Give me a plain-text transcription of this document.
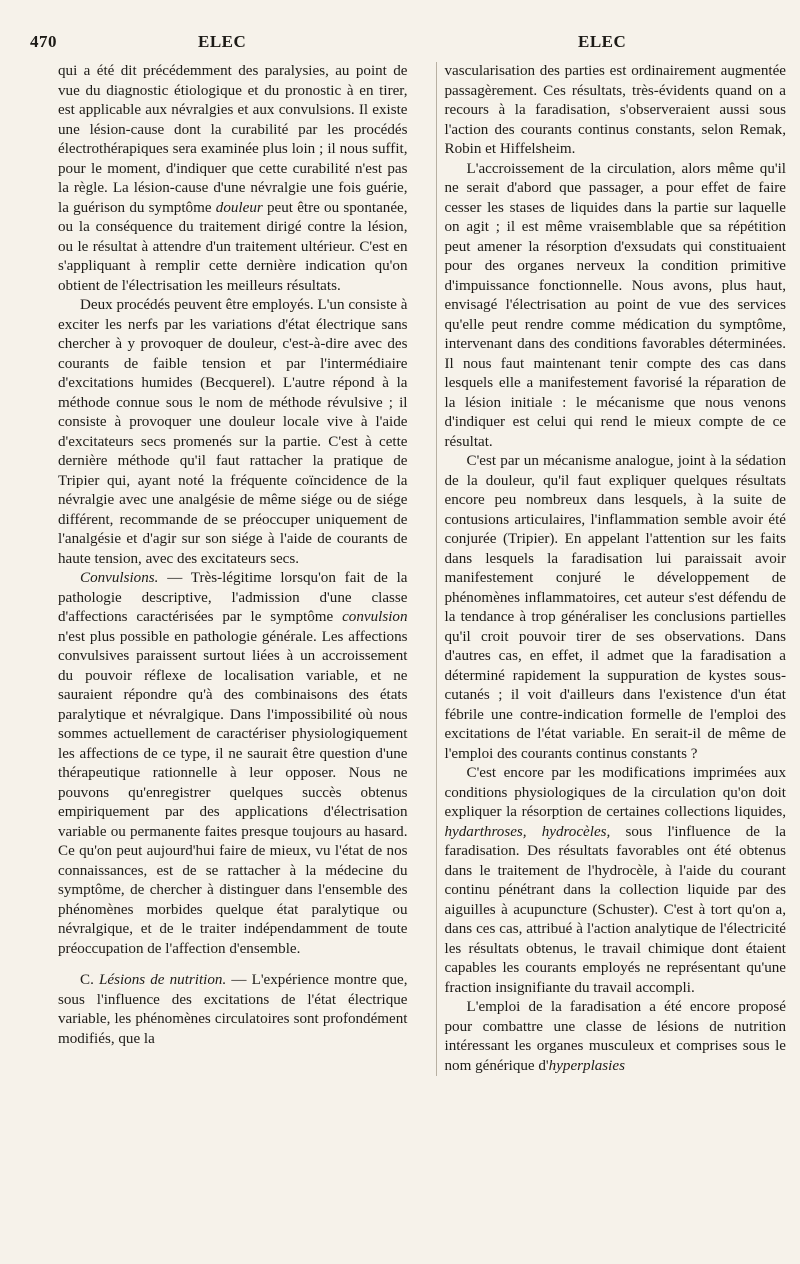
470	ELEC	ELEC

qui a été dit précédemment des paralysies, au point de vue du diagnostic étiologique et du pronostic à en tirer, est applicable aux névralgies et aux convulsions. Il existe une lésion-cause dont la curabilité par les procédés électrothérapiques sera examinée plus loin ; il nous suffit, pour le moment, d'indiquer que cette curabilité n'est pas la règle. La lésion-cause d'une névralgie une fois guérie, la guérison du symptôme douleur peut être ou spontanée, ou la conséquence du traitement dirigé contre la lésion, ou le résultat à attendre d'un traitement ultérieur. C'est en s'appliquant à remplir cette dernière indication qu'on obtient de l'électrisation les meilleurs résultats.

Deux procédés peuvent être employés. L'un consiste à exciter les nerfs par les variations d'état électrique sans chercher à y provoquer de douleur, c'est-à-dire avec des courants de faible tension et par l'intermédiaire d'excitations humides (Becquerel). L'autre répond à la méthode connue sous le nom de méthode révulsive ; il consiste à provoquer une douleur locale vive à l'aide d'excitateurs secs promenés sur la partie. C'est à cette dernière méthode qu'il faut rattacher la pratique de Tripier qui, ayant noté la fréquente coïncidence de la névralgie avec une analgésie de même siége ou de siége différent, recommande de se préoccuper uniquement de l'analgésie et d'agir sur son siége à l'aide de courants de haute tension, avec des excitateurs secs.

Convulsions. — Très-légitime lorsqu'on fait de la pathologie descriptive, l'admission d'une classe d'affections caractérisées par le symptôme convulsion n'est plus possible en pathologie générale. Les affections convulsives paraissent surtout liées à un accroissement du pouvoir réflexe de localisation variable, et ne sauraient répondre qu'à des combinaisons des états paralytique et névralgique. Dans l'impossibilité où nous sommes actuellement de caractériser physiologiquement les affections de ce type, il ne saurait être question d'une thérapeutique rationnelle à leur opposer. Nous ne pouvons qu'enregistrer quelques succès obtenus empiriquement par des applications d'électrisation variable ou permanente faites presque toujours au hasard. Ce qu'on peut aujourd'hui faire de mieux, vu l'état de nos connaissances, est de se rattacher à la médecine du symptôme, de chercher à distinguer dans l'ensemble des phénomènes morbides quelque état paralytique ou névralgique, et de le traiter indépendamment de toute préoccupation de l'affection d'ensemble.

C. Lésions de nutrition. — L'expérience montre que, sous l'influence des excitations de l'état électrique variable, les phénomènes circulatoires sont profondément modifiés, que la

vascularisation des parties est ordinairement augmentée passagèrement. Ces résultats, très-évidents quand on a recours à la faradisation, s'observeraient aussi sous l'action des courants continus constants, selon Remak, Robin et Hiffelsheim.

L'accroissement de la circulation, alors même qu'il ne serait d'abord que passager, a pour effet de faire cesser les stases de liquides dans la partie sur laquelle on agit ; il est même vraisemblable que sa répétition peut amener la résorption d'exsudats qui constituaient pour des organes nerveux la condition primitive d'impuissance fonctionnelle. Nous avons, plus haut, envisagé l'électrisation au point de vue des services qu'elle peut rendre comme médication du symptôme, intervenant dans des conditions favorables déterminées. Il nous faut maintenant tenir compte des cas dans lesquels elle a manifestement favorisé la réparation de la lésion initiale : le mécanisme que nous venons d'indiquer est celui qui rend le mieux compte de ce résultat.

C'est par un mécanisme analogue, joint à la sédation de la douleur, qu'il faut expliquer quelques résultats encore peu nombreux dans lesquels, à la suite de contusions articulaires, l'inflammation semble avoir été conjurée (Tripier). En appelant l'attention sur les faits dans lesquels la faradisation lui paraissait avoir manifestement conjuré le développement de phénomènes inflammatoires, cet auteur s'est défendu de la tendance à trop généraliser les conclusions partielles qu'il croit pouvoir tirer de ses observations. Dans d'autres cas, en effet, il admet que la faradisation a déterminé rapidement la suppuration de kystes sous-cutanés ; il voit d'ailleurs dans l'existence d'un état fébrile une contre-indication formelle de l'emploi des excitations de l'état variable. En serait-il de même de l'emploi des courants continus constants ?

C'est encore par les modifications imprimées aux conditions physiologiques de la circulation qu'on doit expliquer la résorption de certaines collections liquides, hydarthroses, hydrocèles, sous l'influence de la faradisation. Des résultats favorables ont été obtenus dans le traitement de l'hydrocèle, à l'aide du courant continu pénétrant dans la collection liquide par des aiguilles à acupuncture (Schuster). C'est à tort qu'on a, dans ces cas, attribué à l'action analytique de l'électricité les résultats obtenus, le travail chimique dont étaient capables les courants employés ne représentant qu'une fraction insignifiante du travail accompli.

L'emploi de la faradisation a été encore proposé pour combattre une classe de lésions de nutrition intéressant les organes musculeux et comprises sous le nom générique d'hyperplasies
